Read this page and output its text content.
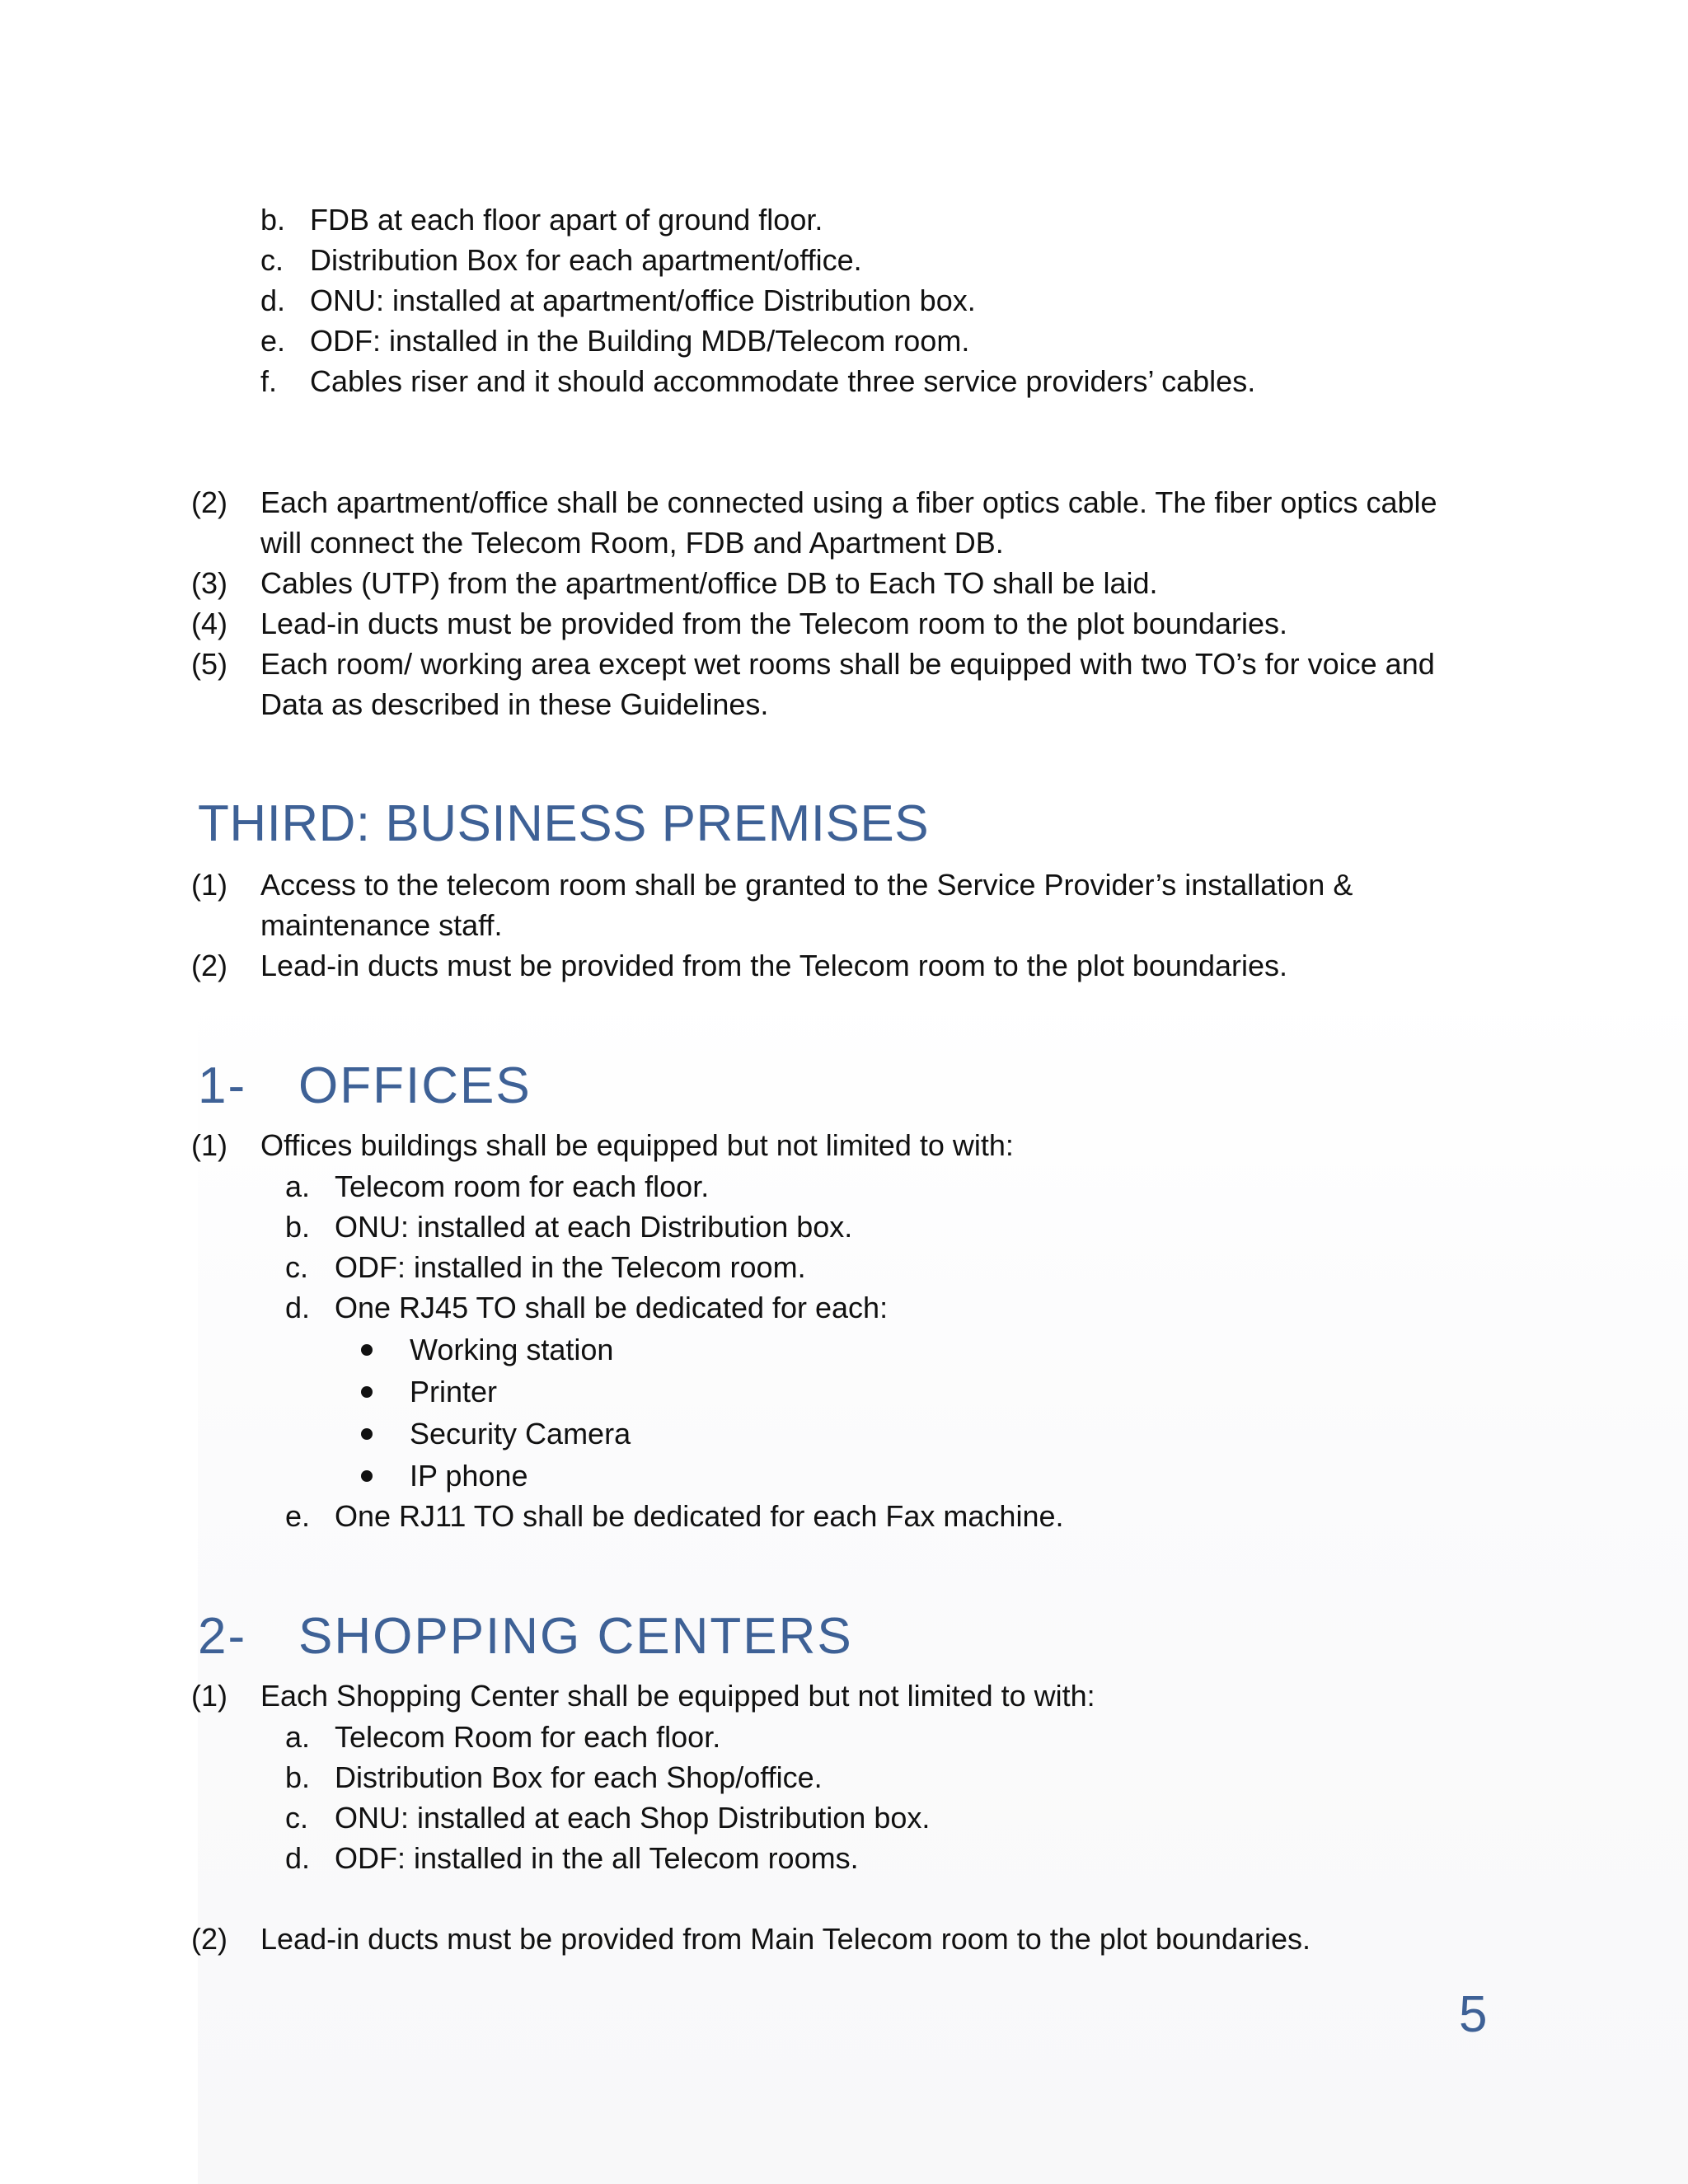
b. FDB at each floor apart of ground floor.
c. Distribution Box for each apartment/office.
d. ONU: installed at apartment/office Distribution box.
e. ODF: installed in the Building MDB/Telecom room.
f. Cables riser and it should accommodate three service providers’ cables.
(2) Each apartment/office shall be connected using a fiber optics cable. The fiber optics cable
will connect the Telecom Room, FDB and Apartment DB.
(3) Cables (UTP) from the apartment/office DB to Each TO shall be laid.
(4) Lead-in ducts must be provided from the Telecom room to the plot boundaries.
(5) Each room/ working area except wet rooms shall be equipped with two TO’s for voice and
Data as described in these Guidelines.
THIRD: BUSINESS PREMISES
(1) Access to the telecom room shall be granted to the Service Provider’s installation &
maintenance staff.
(2) Lead-in ducts must be provided from the Telecom room to the plot boundaries.
1- OFFICES
(1) Offices buildings shall be equipped but not limited to with:
a. Telecom room for each floor.
b. ONU: installed at each Distribution box.
c. ODF: installed in the Telecom room.
d. One RJ45 TO shall be dedicated for each:
Working station
Printer
Security Camera
IP phone
e. One RJ11 TO shall be dedicated for each Fax machine.
2- SHOPPING CENTERS
(1) Each Shopping Center shall be equipped but not limited to with:
a. Telecom Room for each floor.
b. Distribution Box for each Shop/office.
c. ONU: installed at each Shop Distribution box.
d. ODF: installed in the all Telecom rooms.
(2) Lead-in ducts must be provided from Main Telecom room to the plot boundaries.
5
